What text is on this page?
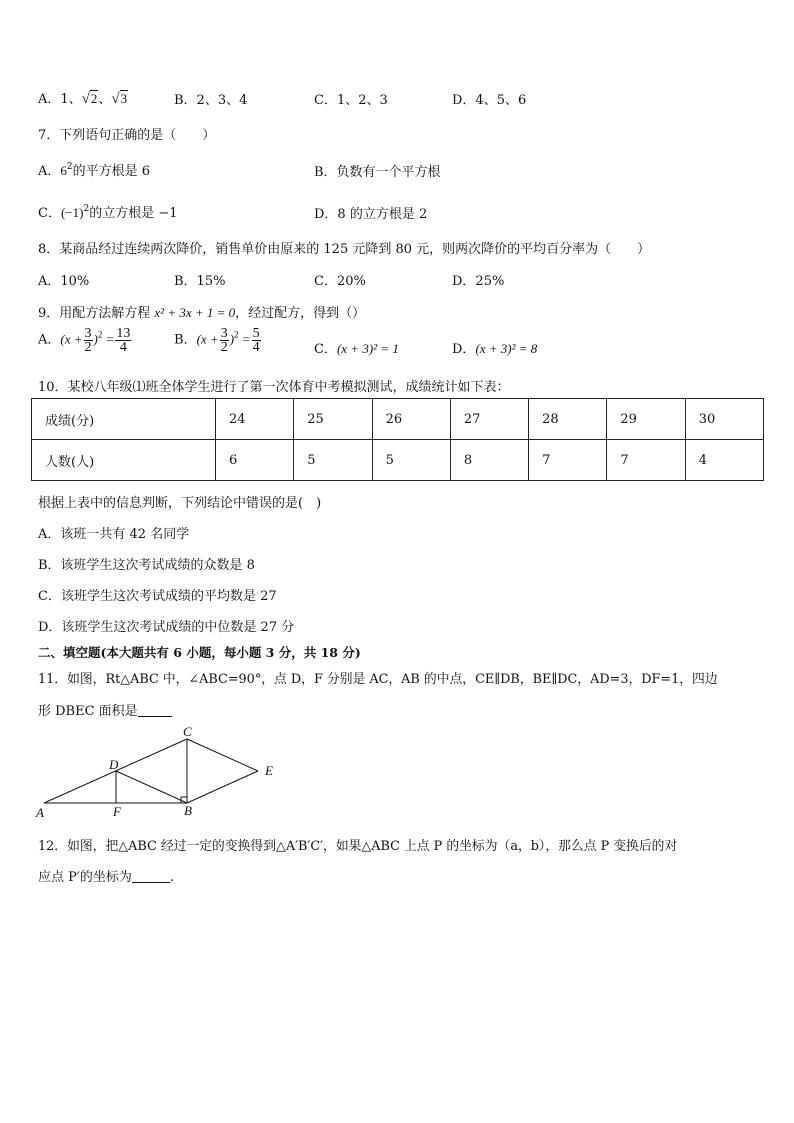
A．1、√2、√3	B．2、3、4	C．1、2、3	D．4、5、6
7．下列语句正确的是（　　）
A．$6^2$的平方根是 6	B．负数有一个平方根
C．$(-1)^2$的立方根是 −1	D．8 的立方根是 2
8．某商品经过连续两次降价，销售单价由原来的 125 元降到 80 元，则两次降价的平均百分率为（　　）
A．10%	B．15%	C．20%	D．25%
9．用配方法解方程 x² + 3x + 1 = 0，经过配方，得到（）
A．$(x + \frac{3}{2} )^2 = \frac{13}{4}$	B．$(x + \frac{3}{2} )^2 = \frac{5}{4}$	C．(x + 3)² = 1	D．(x + 3)² = 8
10．某校八年级⑴班全体学生进行了第一次体育中考模拟测试，成绩统计如下表：
成绩(分)	24	25	26	27	28	29	30
人数(人)	6	5	5	8	7	7	4
根据上表中的信息判断，下列结论中错误的是(　)
A．该班一共有 42 名同学
B．该班学生这次考试成绩的众数是 8
C．该班学生这次考试成绩的平均数是 27
D．该班学生这次考试成绩的中位数是 27 分
二、填空题(本大题共有 6 小题，每小题 3 分，共 18 分)
11．如图，Rt△ABC 中，∠ABC=90°，点 D，F 分别是 AC，AB 的中点，CE∥DB，BE∥DC，AD=3，DF=1，四边
形 DBEC 面积是
A	B
C
D	E
F
12．如图，把△ABC 经过一定的变换得到△A′B′C′，如果△ABC 上点 P 的坐标为（a，b），那么点 P 变换后的对
应点 P′的坐标为	.
